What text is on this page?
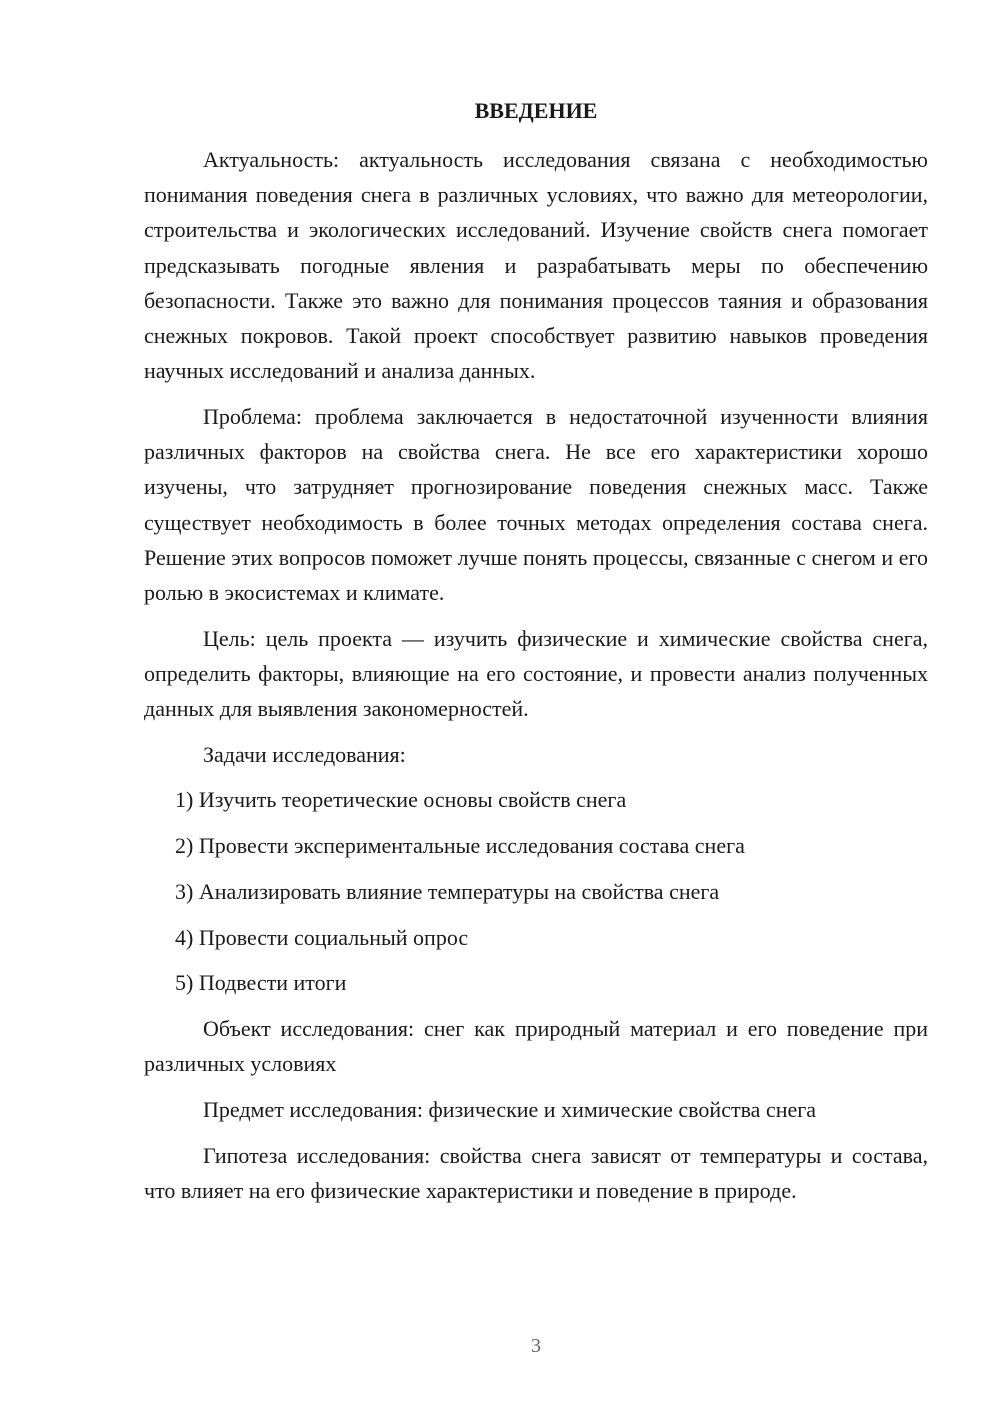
ВВЕДЕНИЕ

Актуальность: актуальность исследования связана с необходимостью понимания поведения снега в различных условиях, что важно для метеорологии, строительства и экологических исследований. Изучение свойств снега помогает предсказывать погодные явления и разрабатывать меры по обеспечению безопасности. Также это важно для понимания процессов таяния и образования снежных покровов. Такой проект способствует развитию навыков проведения научных исследований и анализа данных.

Проблема: проблема заключается в недостаточной изученности влияния различных факторов на свойства снега. Не все его характеристики хорошо изучены, что затрудняет прогнозирование поведения снежных масс. Также существует необходимость в более точных методах определения состава снега. Решение этих вопросов поможет лучше понять процессы, связанные с снегом и его ролью в экосистемах и климате.

Цель: цель проекта — изучить физические и химические свойства снега, определить факторы, влияющие на его состояние, и провести анализ полученных данных для выявления закономерностей.

Задачи исследования:

1) Изучить теоретические основы свойств снега

2) Провести экспериментальные исследования состава снега

3) Анализировать влияние температуры на свойства снега

4) Провести социальный опрос

5) Подвести итоги

Объект исследования: снег как природный материал и его поведение при различных условиях

Предмет исследования: физические и химические свойства снега

Гипотеза исследования: свойства снега зависят от температуры и состава, что влияет на его физические характеристики и поведение в природе.

3
